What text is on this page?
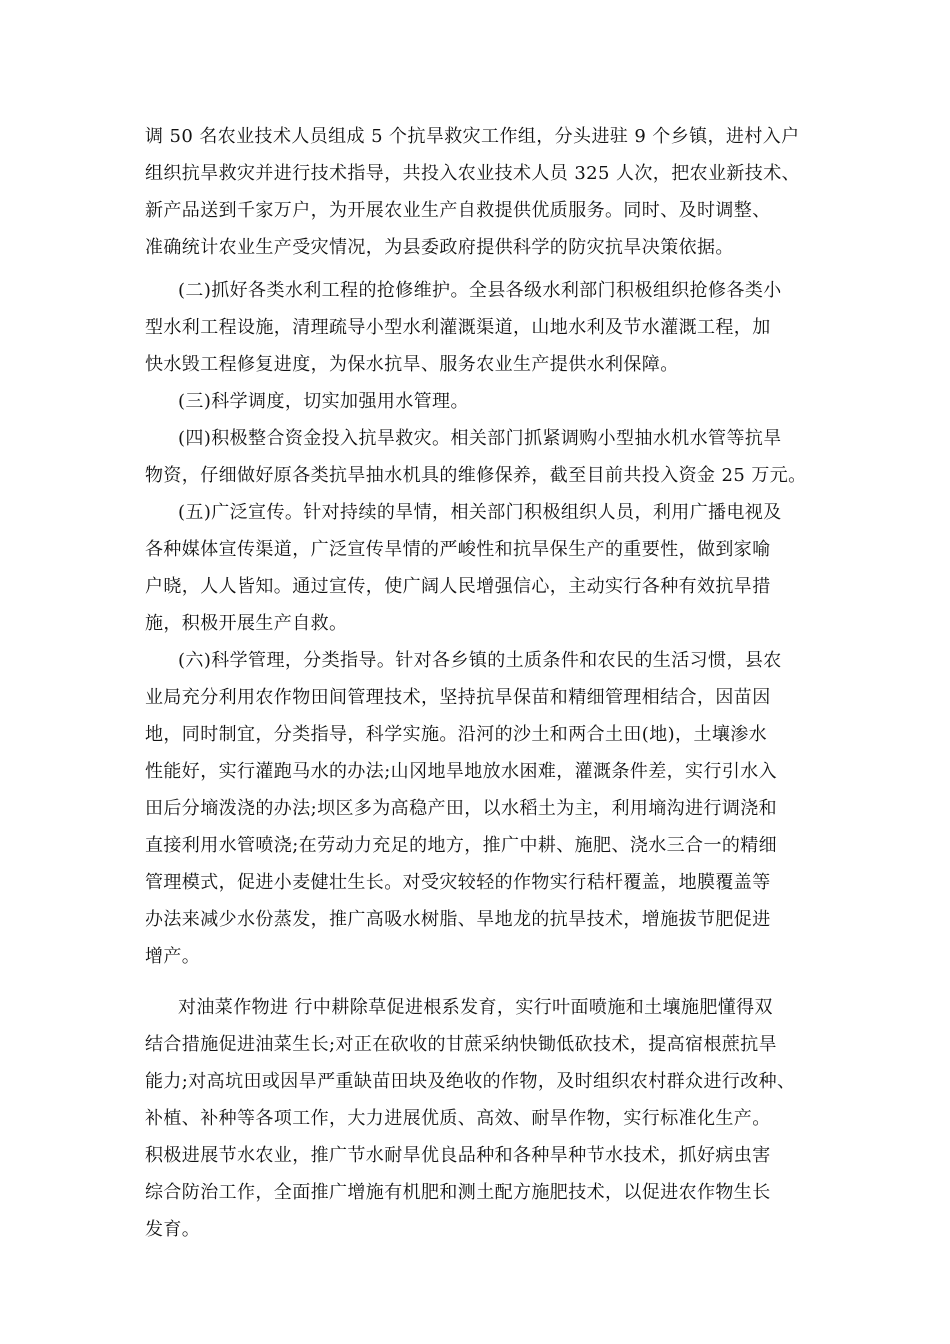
调 50 名农业技术人员组成 5 个抗旱救灾工作组，分头进驻 9 个乡镇，进村入户
组织抗旱救灾并进行技术指导，共投入农业技术人员 325 人次，把农业新技术、
新产品送到千家万户，为开展农业生产自救提供优质服务。同时、及时调整、
准确统计农业生产受灾情况，为县委政府提供科学的防灾抗旱决策依据。
(二)抓好各类水利工程的抢修维护。全县各级水利部门积极组织抢修各类小
型水利工程设施，清理疏导小型水利灌溉渠道，山地水利及节水灌溉工程，加
快水毁工程修复进度，为保水抗旱、服务农业生产提供水利保障。
(三)科学调度，切实加强用水管理。
(四)积极整合资金投入抗旱救灾。相关部门抓紧调购小型抽水机水管等抗旱
物资，仔细做好原各类抗旱抽水机具的维修保养，截至目前共投入资金 25 万元。
(五)广泛宣传。针对持续的旱情，相关部门积极组织人员，利用广播电视及
各种媒体宣传渠道，广泛宣传旱情的严峻性和抗旱保生产的重要性，做到家喻
户晓，人人皆知。通过宣传，使广阔人民增强信心，主动实行各种有效抗旱措
施，积极开展生产自救。
(六)科学管理，分类指导。针对各乡镇的土质条件和农民的生活习惯，县农
业局充分利用农作物田间管理技术，坚持抗旱保苗和精细管理相结合，因苗因
地，同时制宜，分类指导，科学实施。沿河的沙土和两合土田(地)，土壤渗水
性能好，实行灌跑马水的办法;山冈地旱地放水困难，灌溉条件差，实行引水入
田后分墒泼浇的办法;坝区多为高稳产田，以水稻土为主，利用墒沟进行调浇和
直接利用水管喷浇;在劳动力充足的地方，推广中耕、施肥、浇水三合一的精细
管理模式，促进小麦健壮生长。对受灾较轻的作物实行秸杆覆盖，地膜覆盖等
办法来减少水份蒸发，推广高吸水树脂、旱地龙的抗旱技术，增施拔节肥促进
增产。
对油菜作物进 行中耕除草促进根系发育，实行叶面喷施和土壤施肥懂得双
结合措施促进油菜生长;对正在砍收的甘蔗采纳快锄低砍技术，提高宿根蔗抗旱
能力;对高坑田或因旱严重缺苗田块及绝收的作物，及时组织农村群众进行改种、
补植、补种等各项工作，大力进展优质、高效、耐旱作物，实行标准化生产。
积极进展节水农业，推广节水耐旱优良品种和各种旱种节水技术，抓好病虫害
综合防治工作，全面推广增施有机肥和测土配方施肥技术，以促进农作物生长
发育。
